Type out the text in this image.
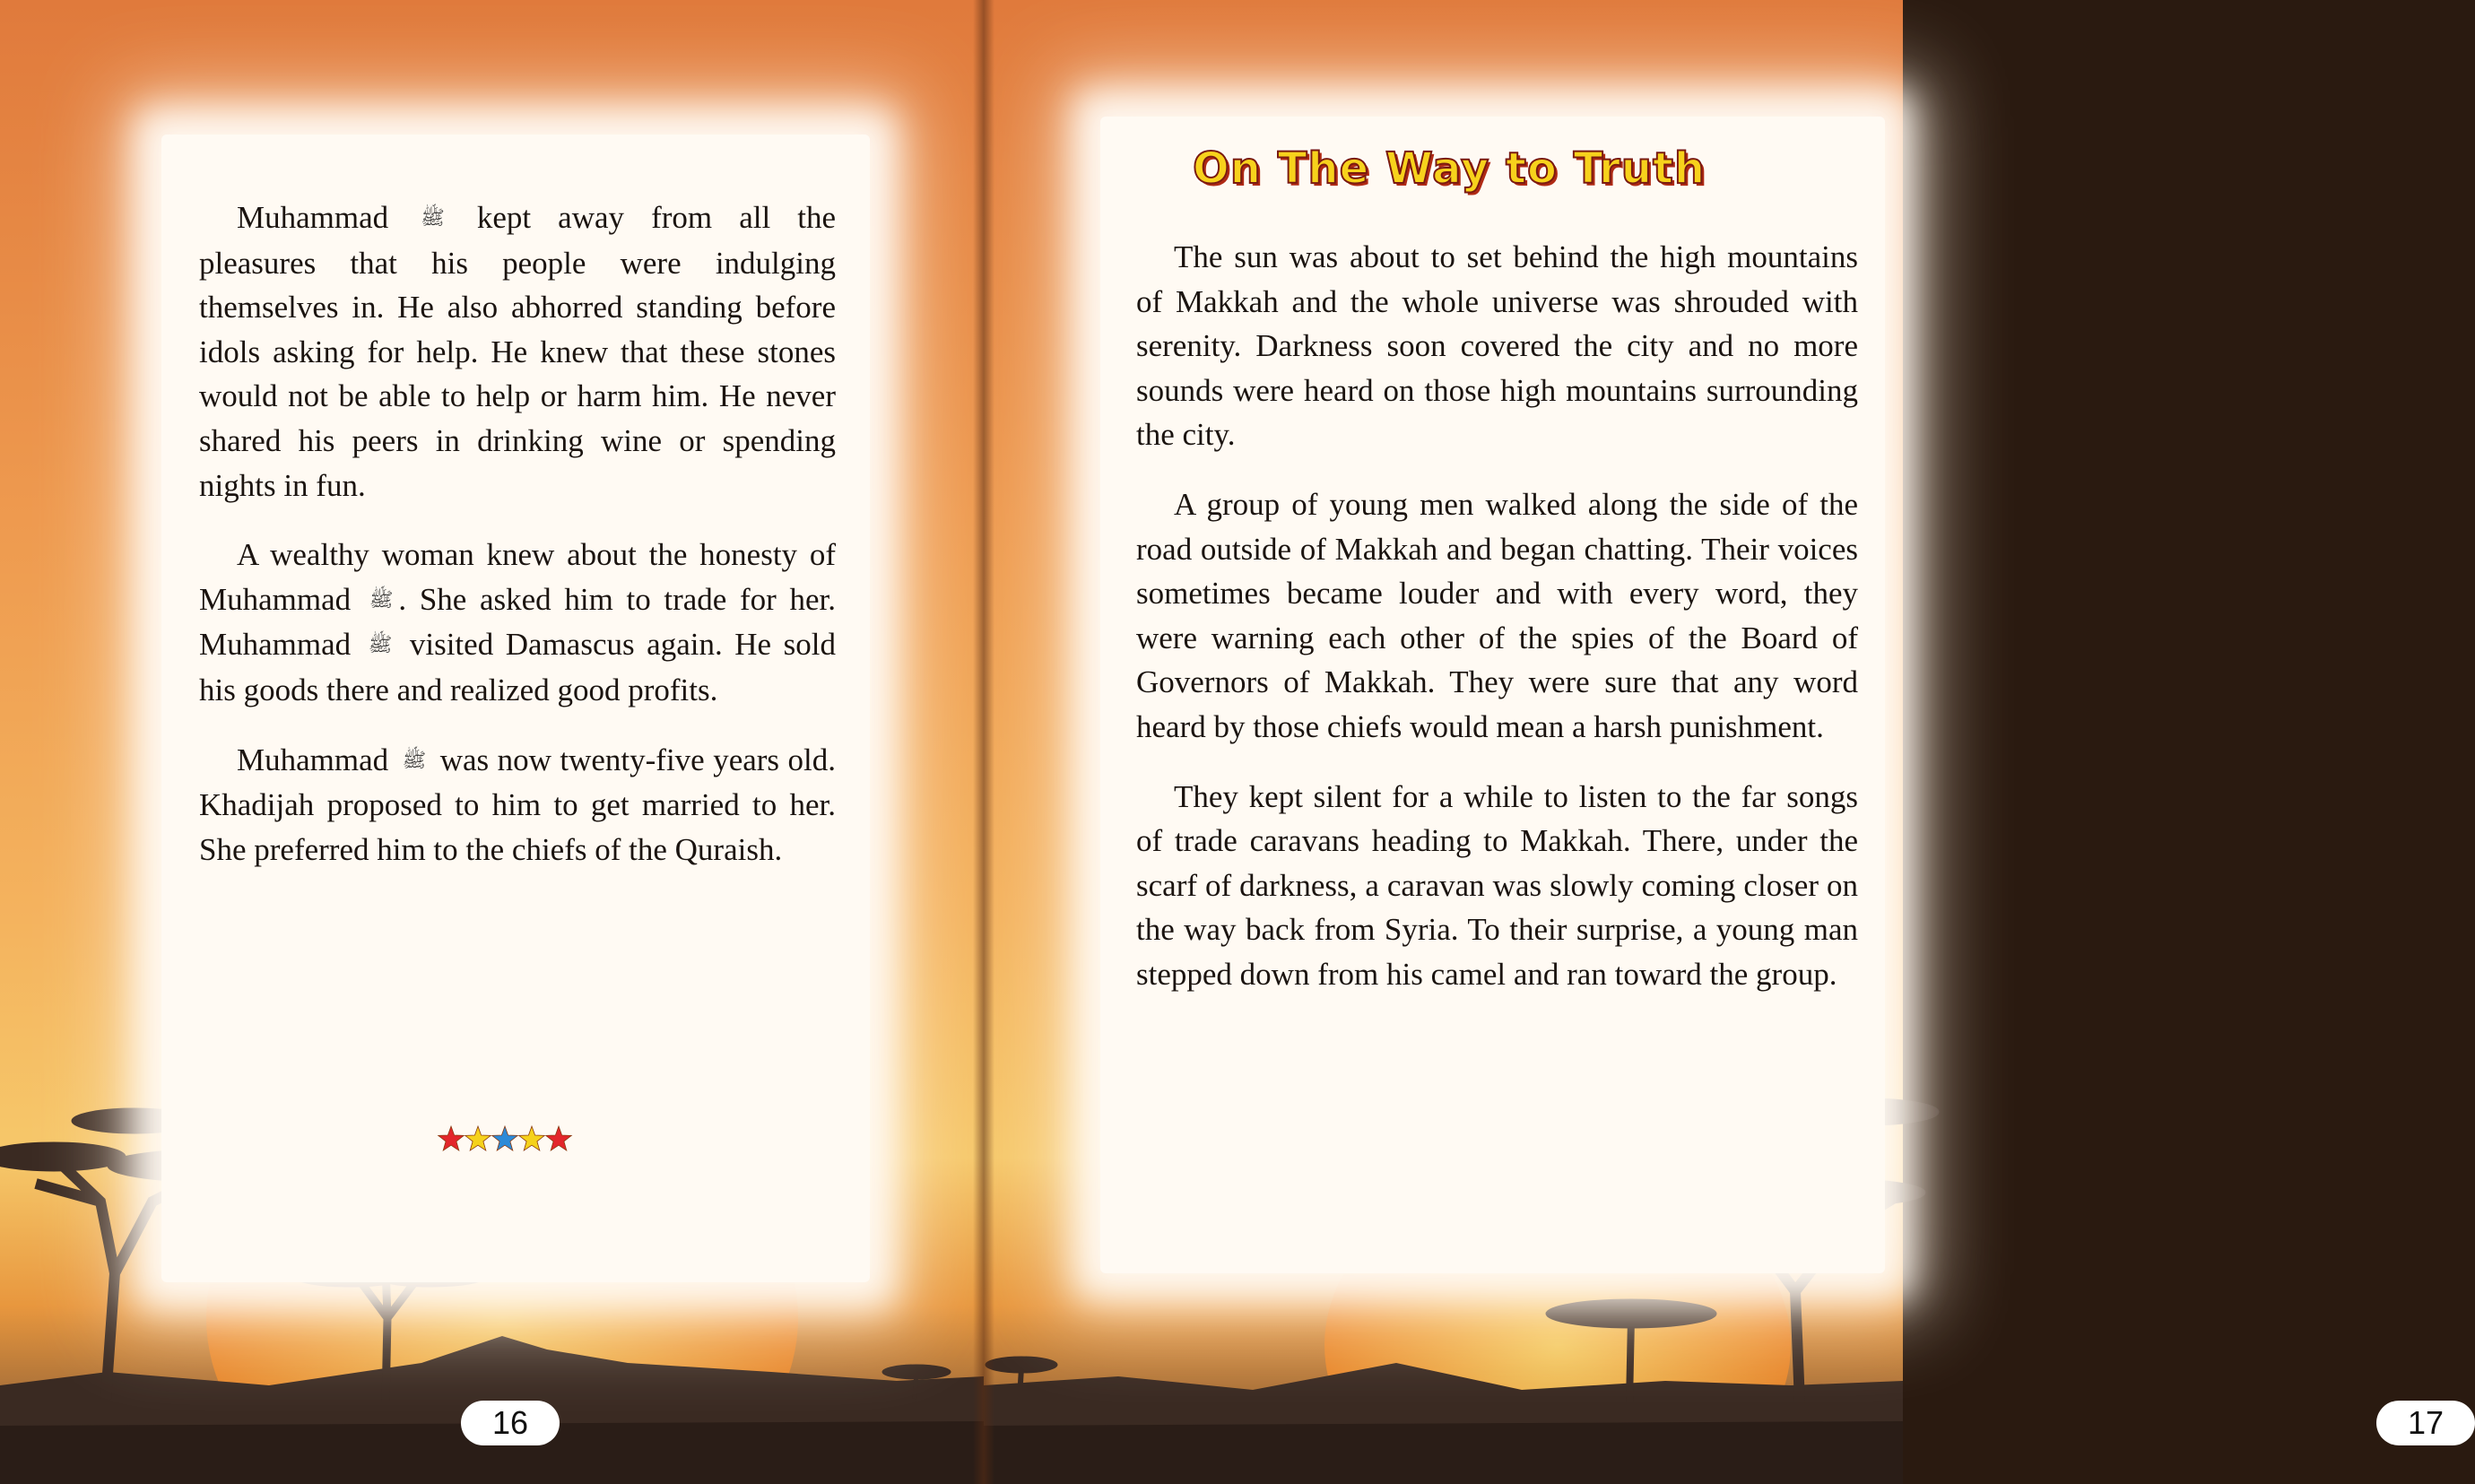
Muhammad ﷺ kept away from all the pleasures that his people were indulging themselves in. He also abhorred standing before idols asking for help. He knew that these stones would not be able to help or harm him. He never shared his peers in drinking wine or spending nights in fun.

A wealthy woman knew about the honesty of Muhammad ﷺ . She asked him to trade for her. Muhammad ﷺ visited Damascus again. He sold his goods there and realized good profits.

Muhammad ﷺ was now twenty-five years old. Khadijah proposed to him to get married to her. She preferred him to the chiefs of the Quraish.

16
On The Way to Truth

The sun was about to set behind the high mountains of Makkah and the whole universe was shrouded with serenity. Darkness soon covered the city and no more sounds were heard on those high mountains surrounding the city.

A group of young men walked along the side of the road outside of Makkah and began chatting. Their voices sometimes became louder and with every word, they were warning each other of the spies of the Board of Governors of Makkah. They were sure that any word heard by those chiefs would mean a harsh punishment.

They kept silent for a while to listen to the far songs of trade caravans heading to Makkah. There, under the scarf of darkness, a caravan was slowly coming closer on the way back from Syria. To their surprise, a young man stepped down from his camel and ran toward the group.

17
